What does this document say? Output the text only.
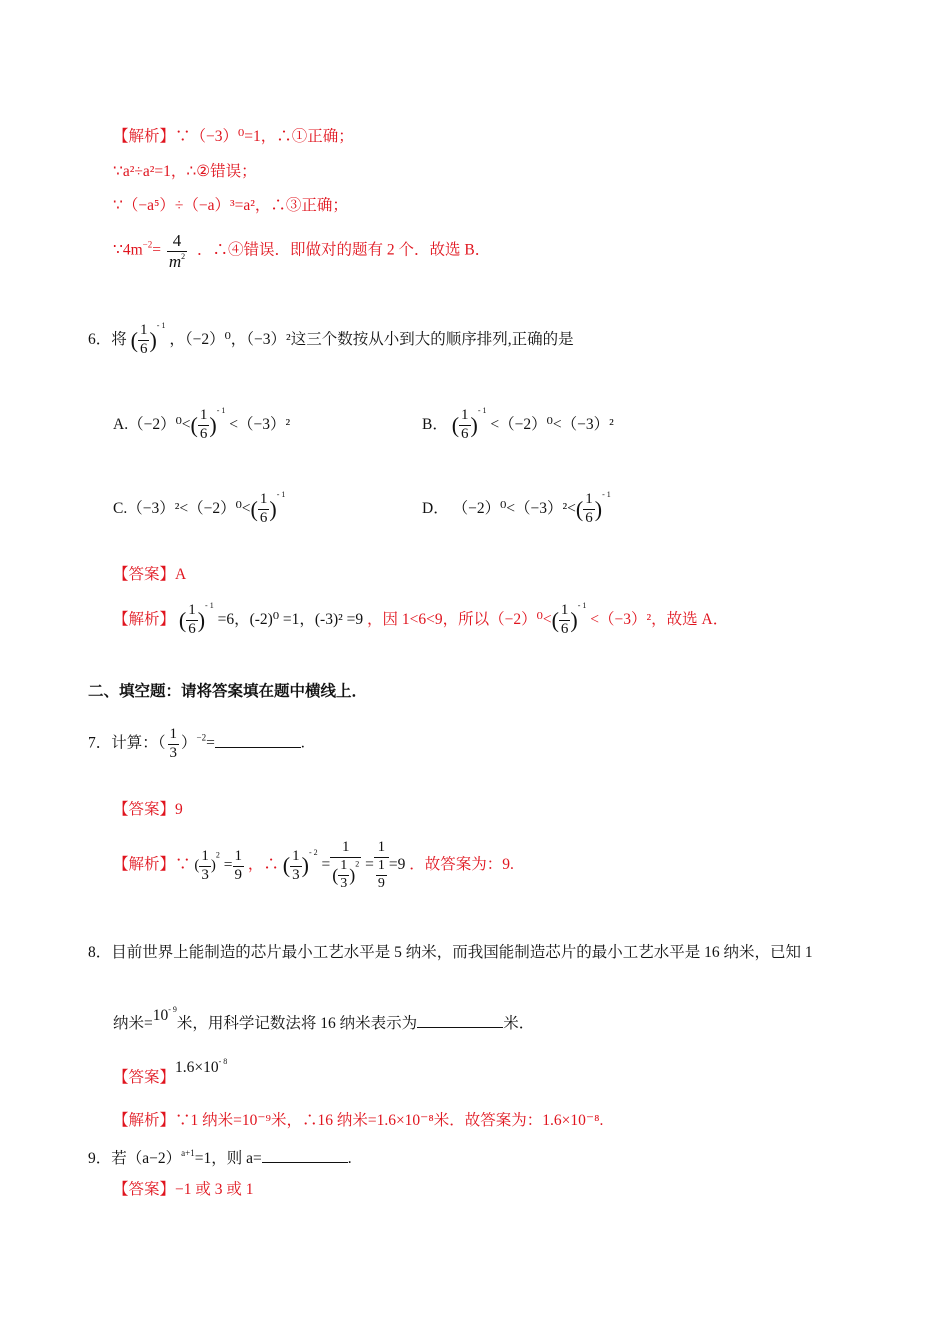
【解析】∵（−3）⁰=1，∴①正确；
∵a²÷a²=1，∴②错误；
∵（−a⁵）÷（−a）³=a²，∴③正确；
$\because 4m^{-2}= \frac{4}{m^2}$ ．∴④错误．即做对的题有 2 个．故选 B．
6．将 ( $\frac{1}{6} )^{- 1}$ ，（−2）⁰，（−3）²这三个数按从小到大的顺序排列,正确的是
$A.(-2)^0<( \frac{1}{6} )^{- 1} <(-3)^2$	B． ( $\frac{1}{6} )^{- 1} <(-2)^0<(-3)^2$
$C.(-3)^2<(-2)^0<( \frac{1}{6} )^{- 1}$
D． $(-2)^0<(-3)^2<( \frac{1}{6} )^{- 1}$
【答案】A
【解析】 ( $\frac{1}{6} )^{- 1} =6$，(-2)⁰ =1，(-3)² =9 ，因 1<6<9，所以$(-2)^0<( \frac{1}{6} )^{- 1} <(-3)^2$，故选 A．
二、填空题：请将答案填在题中横线上．
7．计算：（ $\frac{1}{3} )^{-2}=$	.
【答案】9
【解析】∵ ( $\frac{1}{3} )^2 = \frac{1}{9}$ ，∴ ( $\frac{1}{3} )^{- 2} = \frac{1}{( \frac{1}{3} )^2} = \frac{1}{\frac{1}{9}} =9$ ．故答案为：9.
8．目前世界上能制造的芯片最小工艺水平是 5 纳米，而我国能制造芯片的最小工艺水平是 16 纳米，已知 1
纳米$=10^{- 9}$米，用科学记数法将 16 纳米表示为	米．
【答案】$1.6\times 10^{- 8}$
【解析】∵1 纳米=10⁻⁹米，∴16 纳米=1.6×10⁻⁸米．故答案为：1.6×10⁻⁸.
9．若$(a-2)^{a+1}=1$，则 a=	.
【答案】−1 或 3 或 1
